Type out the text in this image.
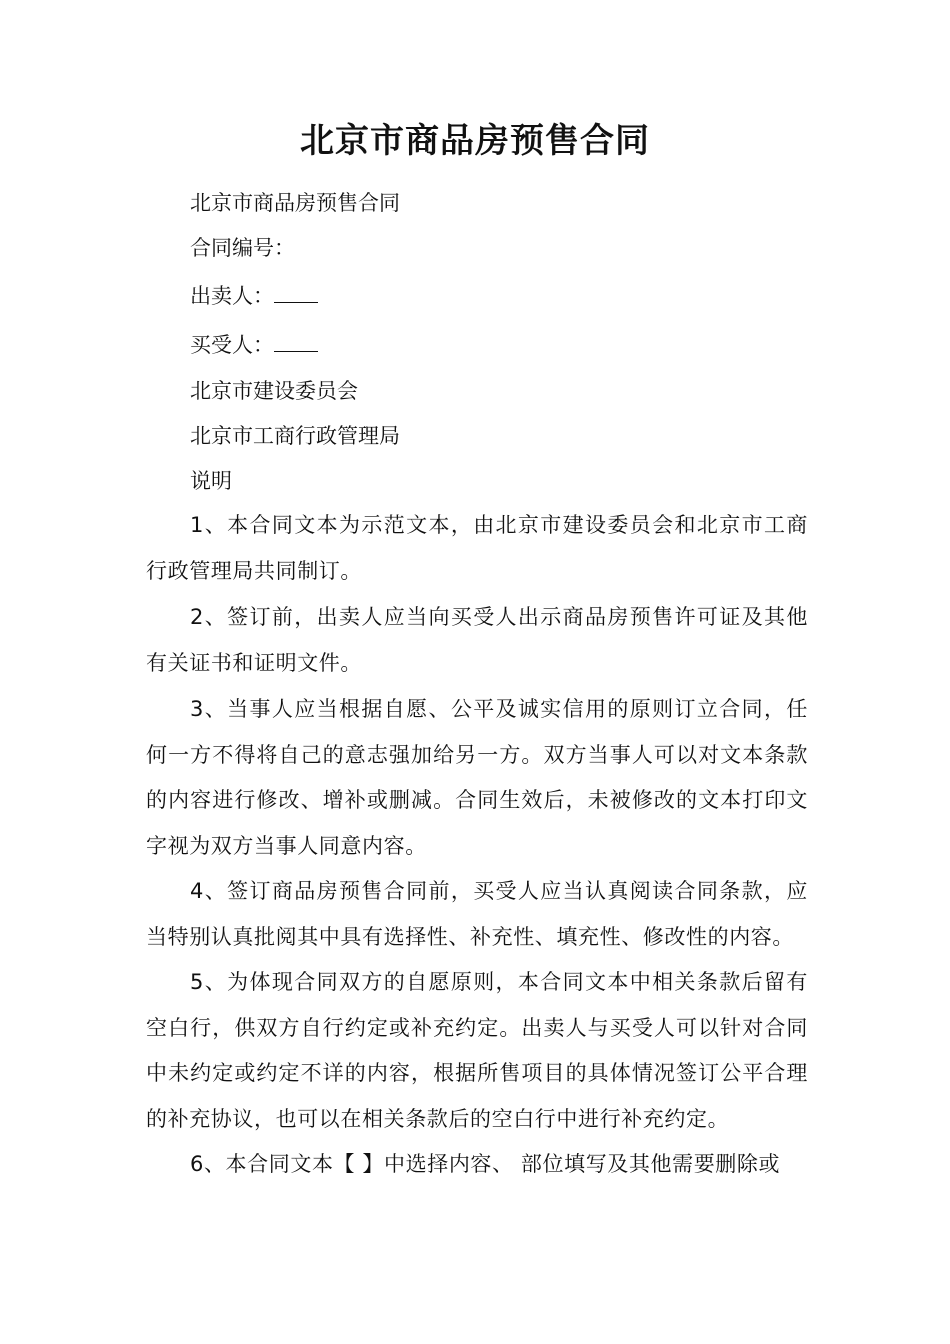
北京市商品房预售合同

北京市商品房预售合同

合同编号：

出卖人：

买受人：

北京市建设委员会

北京市工商行政管理局

说明

1、本合同文本为示范文本，由北京市建设委员会和北京市工商行政管理局共同制订。

2、签订前，出卖人应当向买受人出示商品房预售许可证及其他有关证书和证明文件。

3、当事人应当根据自愿、公平及诚实信用的原则订立合同，任何一方不得将自己的意志强加给另一方。双方当事人可以对文本条款的内容进行修改、增补或删减。合同生效后，未被修改的文本打印文字视为双方当事人同意内容。

4、签订商品房预售合同前，买受人应当认真阅读合同条款，应当特别认真批阅其中具有选择性、补充性、填充性、修改性的内容。

5、为体现合同双方的自愿原则，本合同文本中相关条款后留有空白行，供双方自行约定或补充约定。出卖人与买受人可以针对合同中未约定或约定不详的内容，根据所售项目的具体情况签订公平合理的补充协议，也可以在相关条款后的空白行中进行补充约定。

6、本合同文本【 】中选择内容、 部位填写及其他需要删除或
